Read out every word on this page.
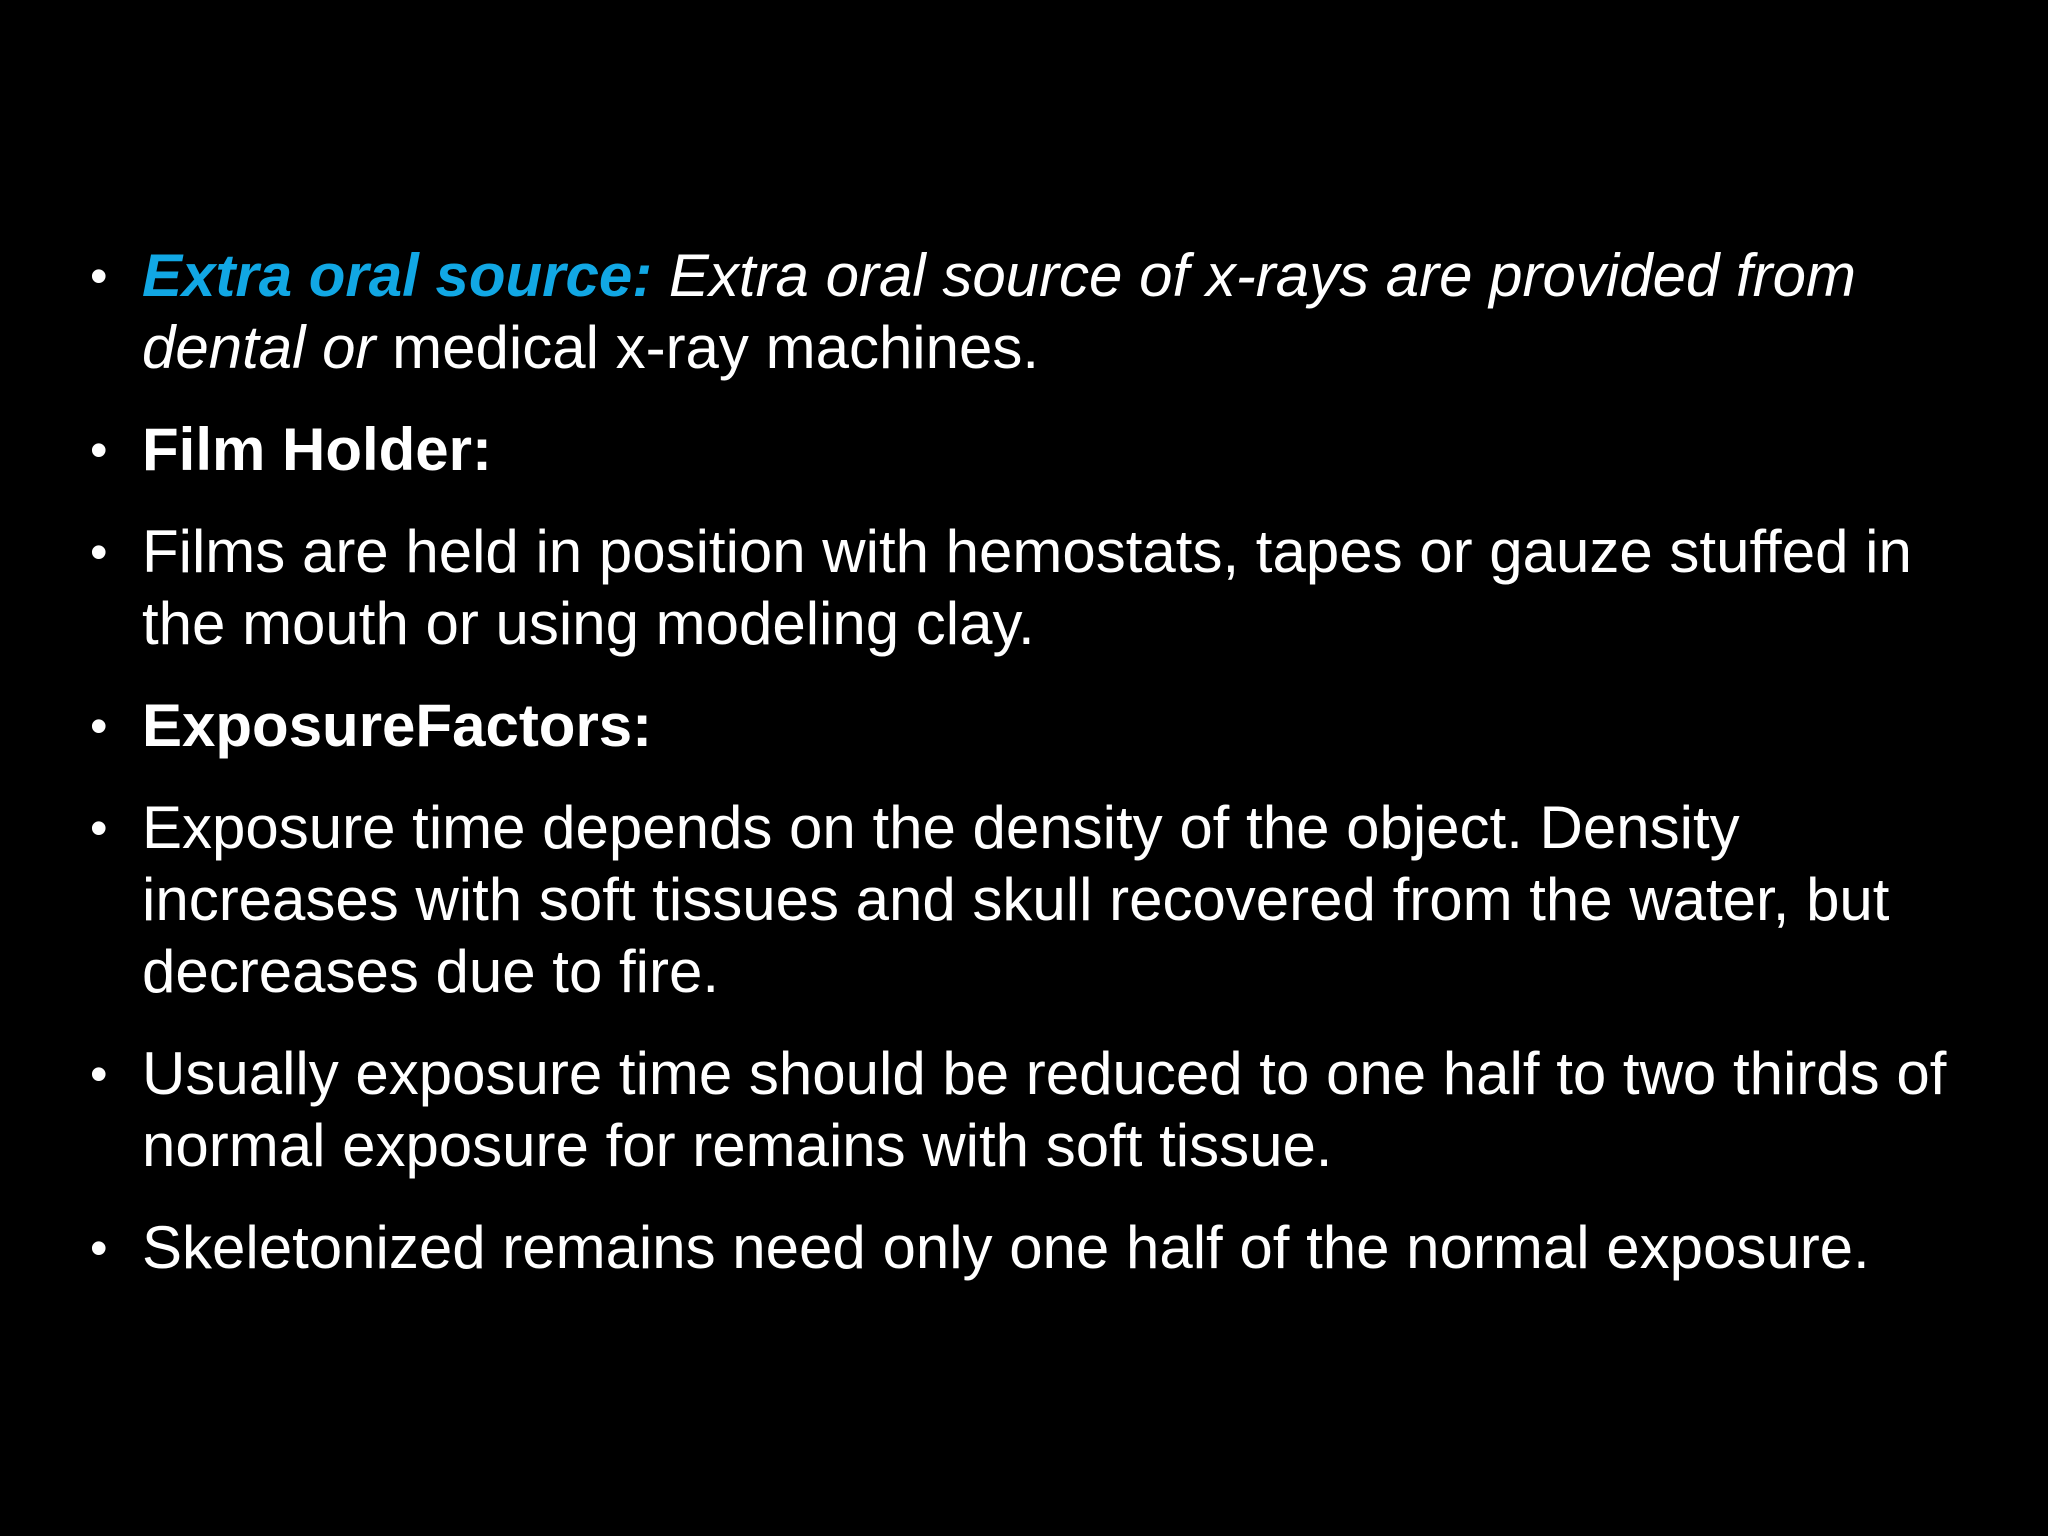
• Extra oral source: Extra oral source of x-rays are provided from dental or medical x-ray machines.
• Film Holder:
• Films are held in position with hemostats, tapes or gauze stuffed in the mouth or using modeling clay.
• ExposureFactors:
• Exposure time depends on the density of the object. Density increases with soft tissues and skull recovered from the water, but decreases due to fire.
• Usually exposure time should be reduced to one half to two thirds of normal exposure for remains with soft tissue.
• Skeletonized remains need only one half of the normal exposure.
